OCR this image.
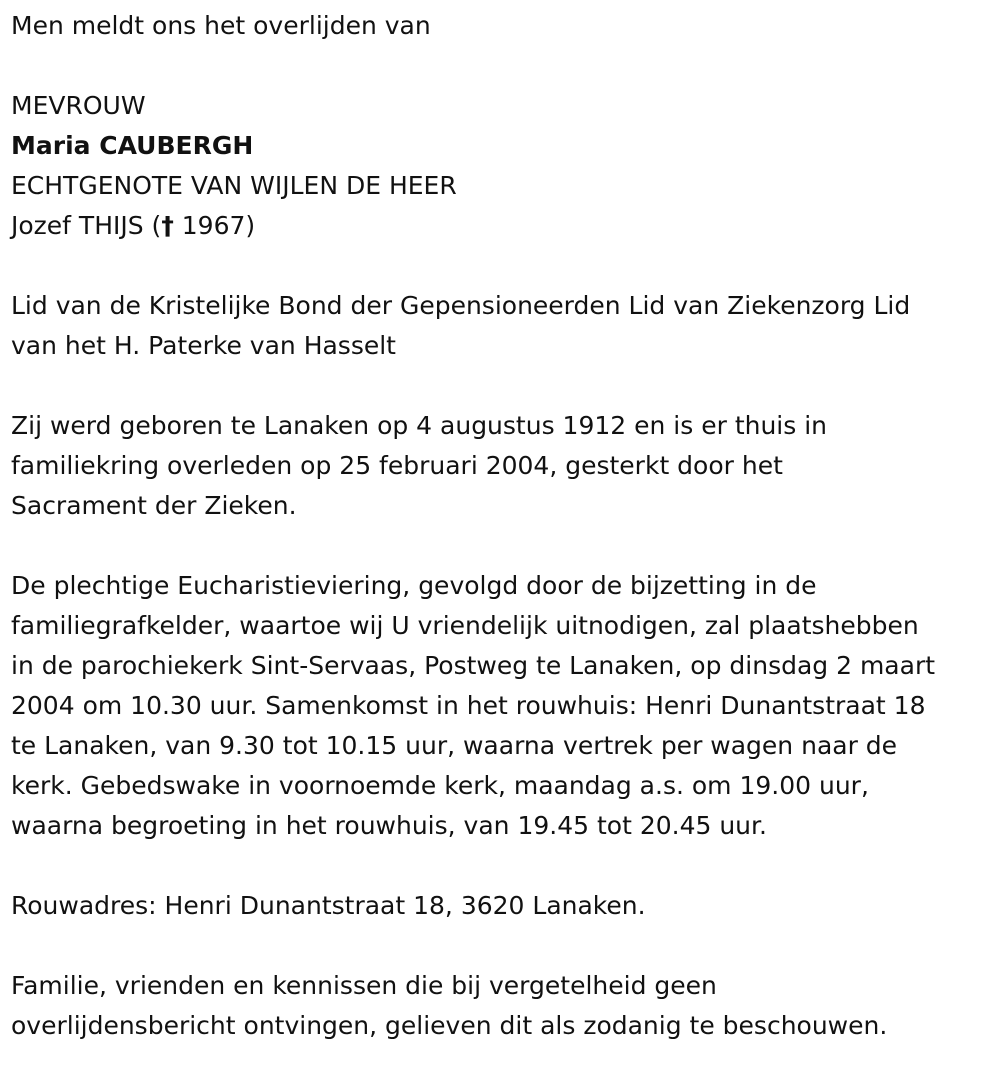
Men meldt ons het overlijden van

MEVROUW

Maria CAUBERGH

ECHTGENOTE VAN WIJLEN DE HEER

Jozef THIJS († 1967)

Lid van de Kristelijke Bond der Gepensioneerden Lid van Ziekenzorg Lid

van het H. Paterke van Hasselt

Zij werd geboren te Lanaken op 4 augustus 1912 en is er thuis in

familiekring overleden op 25 februari 2004, gesterkt door het

Sacrament der Zieken.

De plechtige Eucharistieviering, gevolgd door de bijzetting in de

familiegrafkelder, waartoe wij U vriendelijk uitnodigen, zal plaatshebben

in de parochiekerk Sint-Servaas, Postweg te Lanaken, op dinsdag 2 maart

2004 om 10.30 uur. Samenkomst in het rouwhuis: Henri Dunantstraat 18

te Lanaken, van 9.30 tot 10.15 uur, waarna vertrek per wagen naar de

kerk. Gebedswake in voornoemde kerk, maandag a.s. om 19.00 uur,

waarna begroeting in het rouwhuis, van 19.45 tot 20.45 uur.

Rouwadres: Henri Dunantstraat 18, 3620 Lanaken.

Familie, vrienden en kennissen die bij vergetelheid geen

overlijdensbericht ontvingen, gelieven dit als zodanig te beschouwen.
